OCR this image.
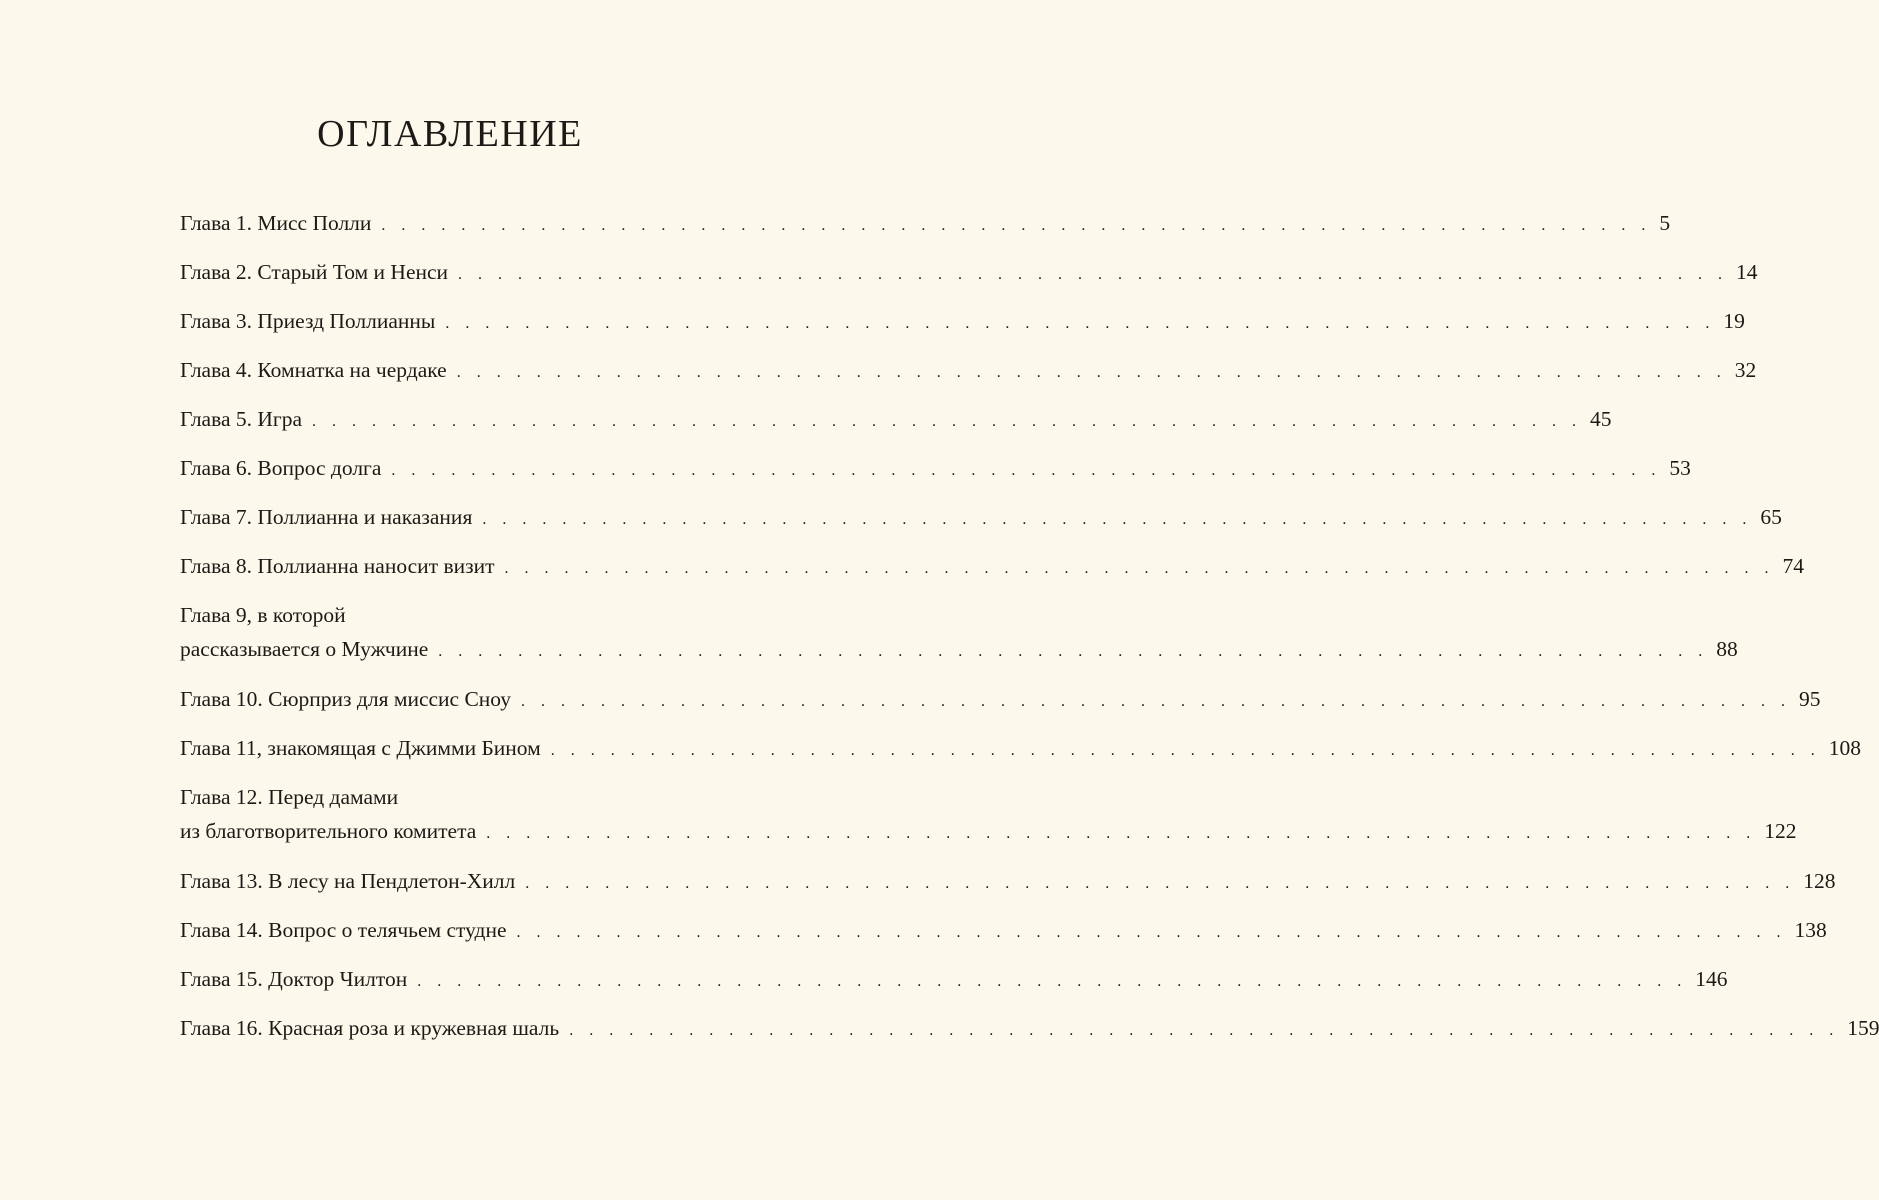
ОГЛАВЛЕНИЕ
Глава 1. Мисс Полли . . . . . . . . . . . . . . . . . . . . . . . . . . . . . . . . . . . . . . . . . . . . . . . . . . . . . . . . . . . . . . . . 5
Глава 2. Старый Том и Ненси . . . . . . . . . . . . . . . . . . . . . . . . . . . . . . . . . . . . . . . . . . . . . . . . . . . . . . . . . . . . . . . . 14
Глава 3. Приезд Поллианны . . . . . . . . . . . . . . . . . . . . . . . . . . . . . . . . . . . . . . . . . . . . . . . . . . . . . . . . . . . . . . . . 19
Глава 4. Комнатка на чердаке . . . . . . . . . . . . . . . . . . . . . . . . . . . . . . . . . . . . . . . . . . . . . . . . . . . . . . . . . . . . . . . . 32
Глава 5. Игра . . . . . . . . . . . . . . . . . . . . . . . . . . . . . . . . . . . . . . . . . . . . . . . . . . . . . . . . . . . . . . . . 45
Глава 6. Вопрос долга . . . . . . . . . . . . . . . . . . . . . . . . . . . . . . . . . . . . . . . . . . . . . . . . . . . . . . . . . . . . . . . . 53
Глава 7. Поллианна и наказания . . . . . . . . . . . . . . . . . . . . . . . . . . . . . . . . . . . . . . . . . . . . . . . . . . . . . . . . . . . . . . . . 65
Глава 8. Поллианна наносит визит . . . . . . . . . . . . . . . . . . . . . . . . . . . . . . . . . . . . . . . . . . . . . . . . . . . . . . . . . . . . . . . . 74
Глава 9, в которой
рассказывается о Мужчине . . . . . . . . . . . . . . . . . . . . . . . . . . . . . . . . . . . . . . . . . . . . . . . . . . . . . . . . . . . . . . . . 88
Глава 10. Сюрприз для миссис Сноу . . . . . . . . . . . . . . . . . . . . . . . . . . . . . . . . . . . . . . . . . . . . . . . . . . . . . . . . . . . . . . . . 95
Глава 11, знакомящая с Джимми Бином . . . . . . . . . . . . . . . . . . . . . . . . . . . . . . . . . . . . . . . . . . . . . . . . . . . . . . . . . . . . . . . . 108
Глава 12. Перед дамами
из благотворительного комитета . . . . . . . . . . . . . . . . . . . . . . . . . . . . . . . . . . . . . . . . . . . . . . . . . . . . . . . . . . . . . . . . 122
Глава 13. В лесу на Пендлетон-Хилл . . . . . . . . . . . . . . . . . . . . . . . . . . . . . . . . . . . . . . . . . . . . . . . . . . . . . . . . . . . . . . . . 128
Глава 14. Вопрос о телячьем студне . . . . . . . . . . . . . . . . . . . . . . . . . . . . . . . . . . . . . . . . . . . . . . . . . . . . . . . . . . . . . . . . 138
Глава 15. Доктор Чилтон . . . . . . . . . . . . . . . . . . . . . . . . . . . . . . . . . . . . . . . . . . . . . . . . . . . . . . . . . . . . . . . . 146
Глава 16. Красная роза и кружевная шаль . . . . . . . . . . . . . . . . . . . . . . . . . . . . . . . . . . . . . . . . . . . . . . . . . . . . . . . . . . . . . . . . 159
